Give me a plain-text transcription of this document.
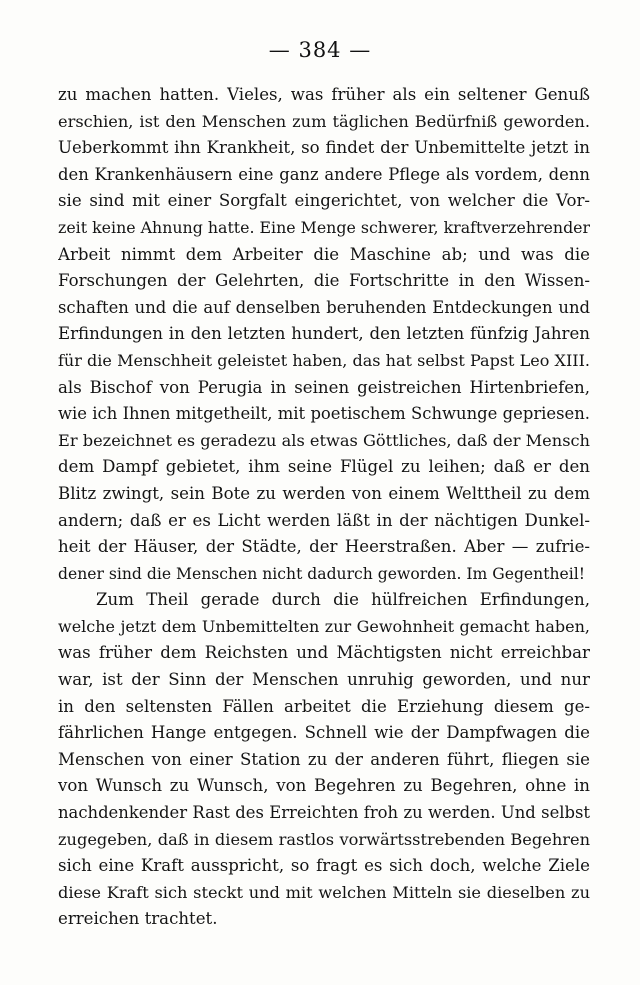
— 384 —
zu machen hatten. Vieles, was früher als ein seltener Genuß
erschien, ist den Menschen zum täglichen Bedürfniß geworden.
Ueberkommt ihn Krankheit, so findet der Unbemittelte jetzt in
den Krankenhäusern eine ganz andere Pflege als vordem, denn
sie sind mit einer Sorgfalt eingerichtet, von welcher die Vor-
zeit keine Ahnung hatte. Eine Menge schwerer, kraftverzehrender
Arbeit nimmt dem Arbeiter die Maschine ab; und was die
Forschungen der Gelehrten, die Fortschritte in den Wissen-
schaften und die auf denselben beruhenden Entdeckungen und
Erfindungen in den letzten hundert, den letzten fünfzig Jahren
für die Menschheit geleistet haben, das hat selbst Papst Leo XIII.
als Bischof von Perugia in seinen geistreichen Hirtenbriefen,
wie ich Ihnen mitgetheilt, mit poetischem Schwunge gepriesen.
Er bezeichnet es geradezu als etwas Göttliches, daß der Mensch
dem Dampf gebietet, ihm seine Flügel zu leihen; daß er den
Blitz zwingt, sein Bote zu werden von einem Welttheil zu dem
andern; daß er es Licht werden läßt in der nächtigen Dunkel-
heit der Häuser, der Städte, der Heerstraßen. Aber — zufrie-
dener sind die Menschen nicht dadurch geworden. Im Gegentheil!
Zum Theil gerade durch die hülfreichen Erfindungen,
welche jetzt dem Unbemittelten zur Gewohnheit gemacht haben,
was früher dem Reichsten und Mächtigsten nicht erreichbar
war, ist der Sinn der Menschen unruhig geworden, und nur
in den seltensten Fällen arbeitet die Erziehung diesem ge-
fährlichen Hange entgegen. Schnell wie der Dampfwagen die
Menschen von einer Station zu der anderen führt, fliegen sie
von Wunsch zu Wunsch, von Begehren zu Begehren, ohne in
nachdenkender Rast des Erreichten froh zu werden. Und selbst
zugegeben, daß in diesem rastlos vorwärtsstrebenden Begehren
sich eine Kraft ausspricht, so fragt es sich doch, welche Ziele
diese Kraft sich steckt und mit welchen Mitteln sie dieselben zu
erreichen trachtet.
